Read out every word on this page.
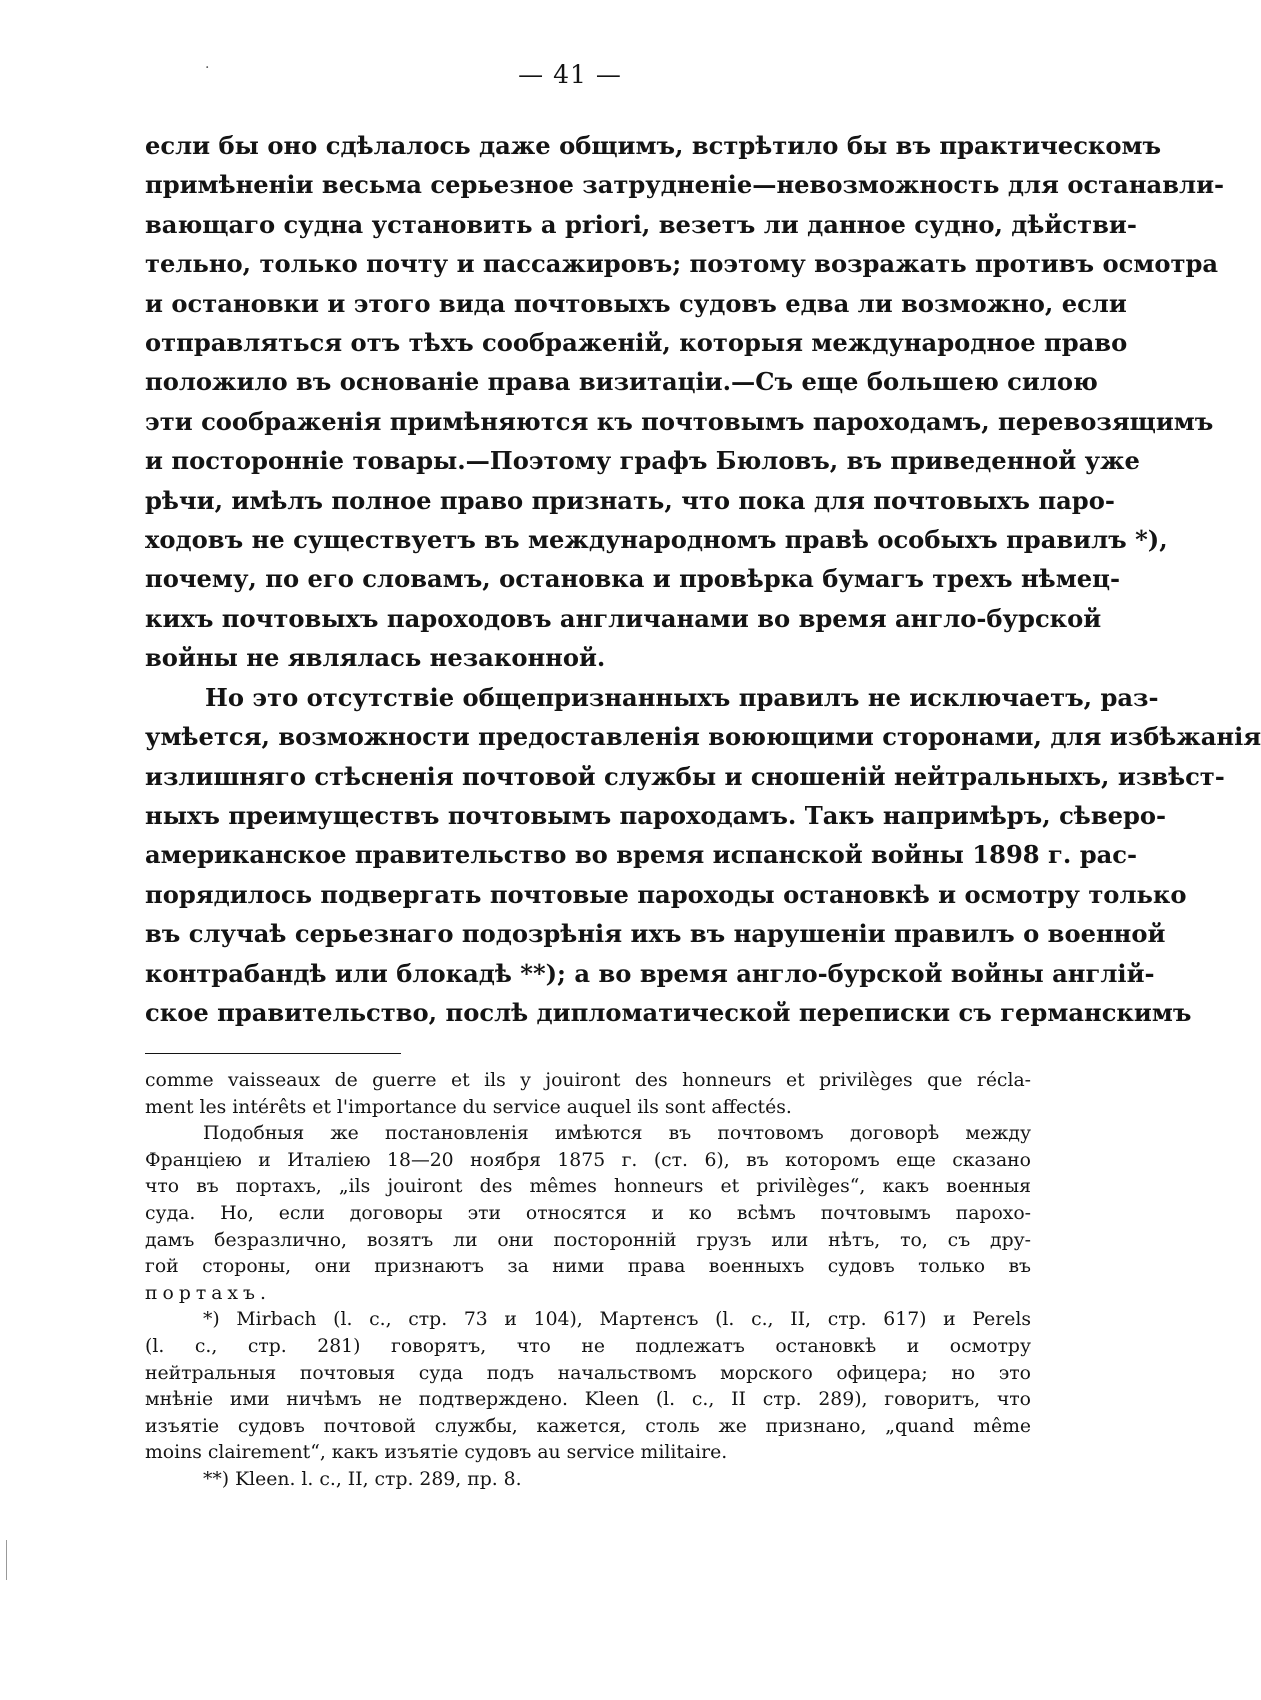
·	— 41 —

если бы оно сдѣлалось даже общимъ, встрѣтило бы въ практическомъ
примѣненіи весьма серьезное затрудненіе—невозможность для останавли-
вающаго судна установить а priori, везетъ ли данное судно, дѣйстви-
тельно, только почту и пассажировъ; поэтому возражать противъ осмотра
и остановки и этого вида почтовыхъ судовъ едва ли возможно, если
отправляться отъ тѣхъ соображеній, которыя международное право
положило въ основаніе права визитаціи.—Съ еще большею силою
эти соображенія примѣняются къ почтовымъ пароходамъ, перевозящимъ
и посторонніе товары.—Поэтому графъ Бюловъ, въ приведенной уже
рѣчи, имѣлъ полное право признать, что пока для почтовыхъ паро-
ходовъ не существуетъ въ международномъ правѣ особыхъ правилъ *),
почему, по его словамъ, остановка и провѣрка бумагъ трехъ нѣмец-
кихъ почтовыхъ пароходовъ англичанами во время англо-бурской
войны не являлась незаконной.

Но это отсутствіе общепризнанныхъ правилъ не исключаетъ, раз-
умѣется, возможности предоставленія воюющими сторонами, для избѣжанія
излишняго стѣсненія почтовой службы и сношеній нейтральныхъ, извѣст-
ныхъ преимуществъ почтовымъ пароходамъ. Такъ напримѣръ, сѣверо-
американское правительство во время испанской войны 1898 г. рас-
порядилось подвергать почтовые пароходы остановкѣ и осмотру только
въ случаѣ серьезнаго подозрѣнія ихъ въ нарушеніи правилъ о военной
контрабандѣ или блокадѣ **); а во время англо-бурской войны англій-
ское правительство, послѣ дипломатической переписки съ германскимъ

comme vaisseaux de guerre et ils y jouiront des honneurs et privilèges que récla-
ment les intérêts et l'importance du service auquel ils sont affectés.

Подобныя же постановленія имѣются въ почтовомъ договорѣ между
Франціею и Италіею 18—20 ноября 1875 г. (ст. 6), въ которомъ еще сказано
что въ портахъ, „ils jouiront des mêmes honneurs et privilèges“, какъ военныя
суда. Но, если договоры эти относятся и ко всѣмъ почтовымъ парохо-
дамъ безразлично, возятъ ли они посторонній грузъ или нѣтъ, то, съ дру-
гой стороны, они признаютъ за ними права военныхъ судовъ только въ
портахъ.

*) Mirbach (l. c., стр. 73 и 104), Мартенсъ (l. c., II, стр. 617) и Perels
(l. c., стр. 281) говорятъ, что не подлежатъ остановкѣ и осмотру
нейтральныя почтовыя суда подъ начальствомъ морского офицера; но это
мнѣніе ими ничѣмъ не подтверждено. Kleen (l. c., II стр. 289), говоритъ, что
изъятіе судовъ почтовой службы, кажется, столь же признано, „quand même
moins clairement“, какъ изъятіе судовъ au service militaire.

**) Kleen. l. c., II, стр. 289, пр. 8.
